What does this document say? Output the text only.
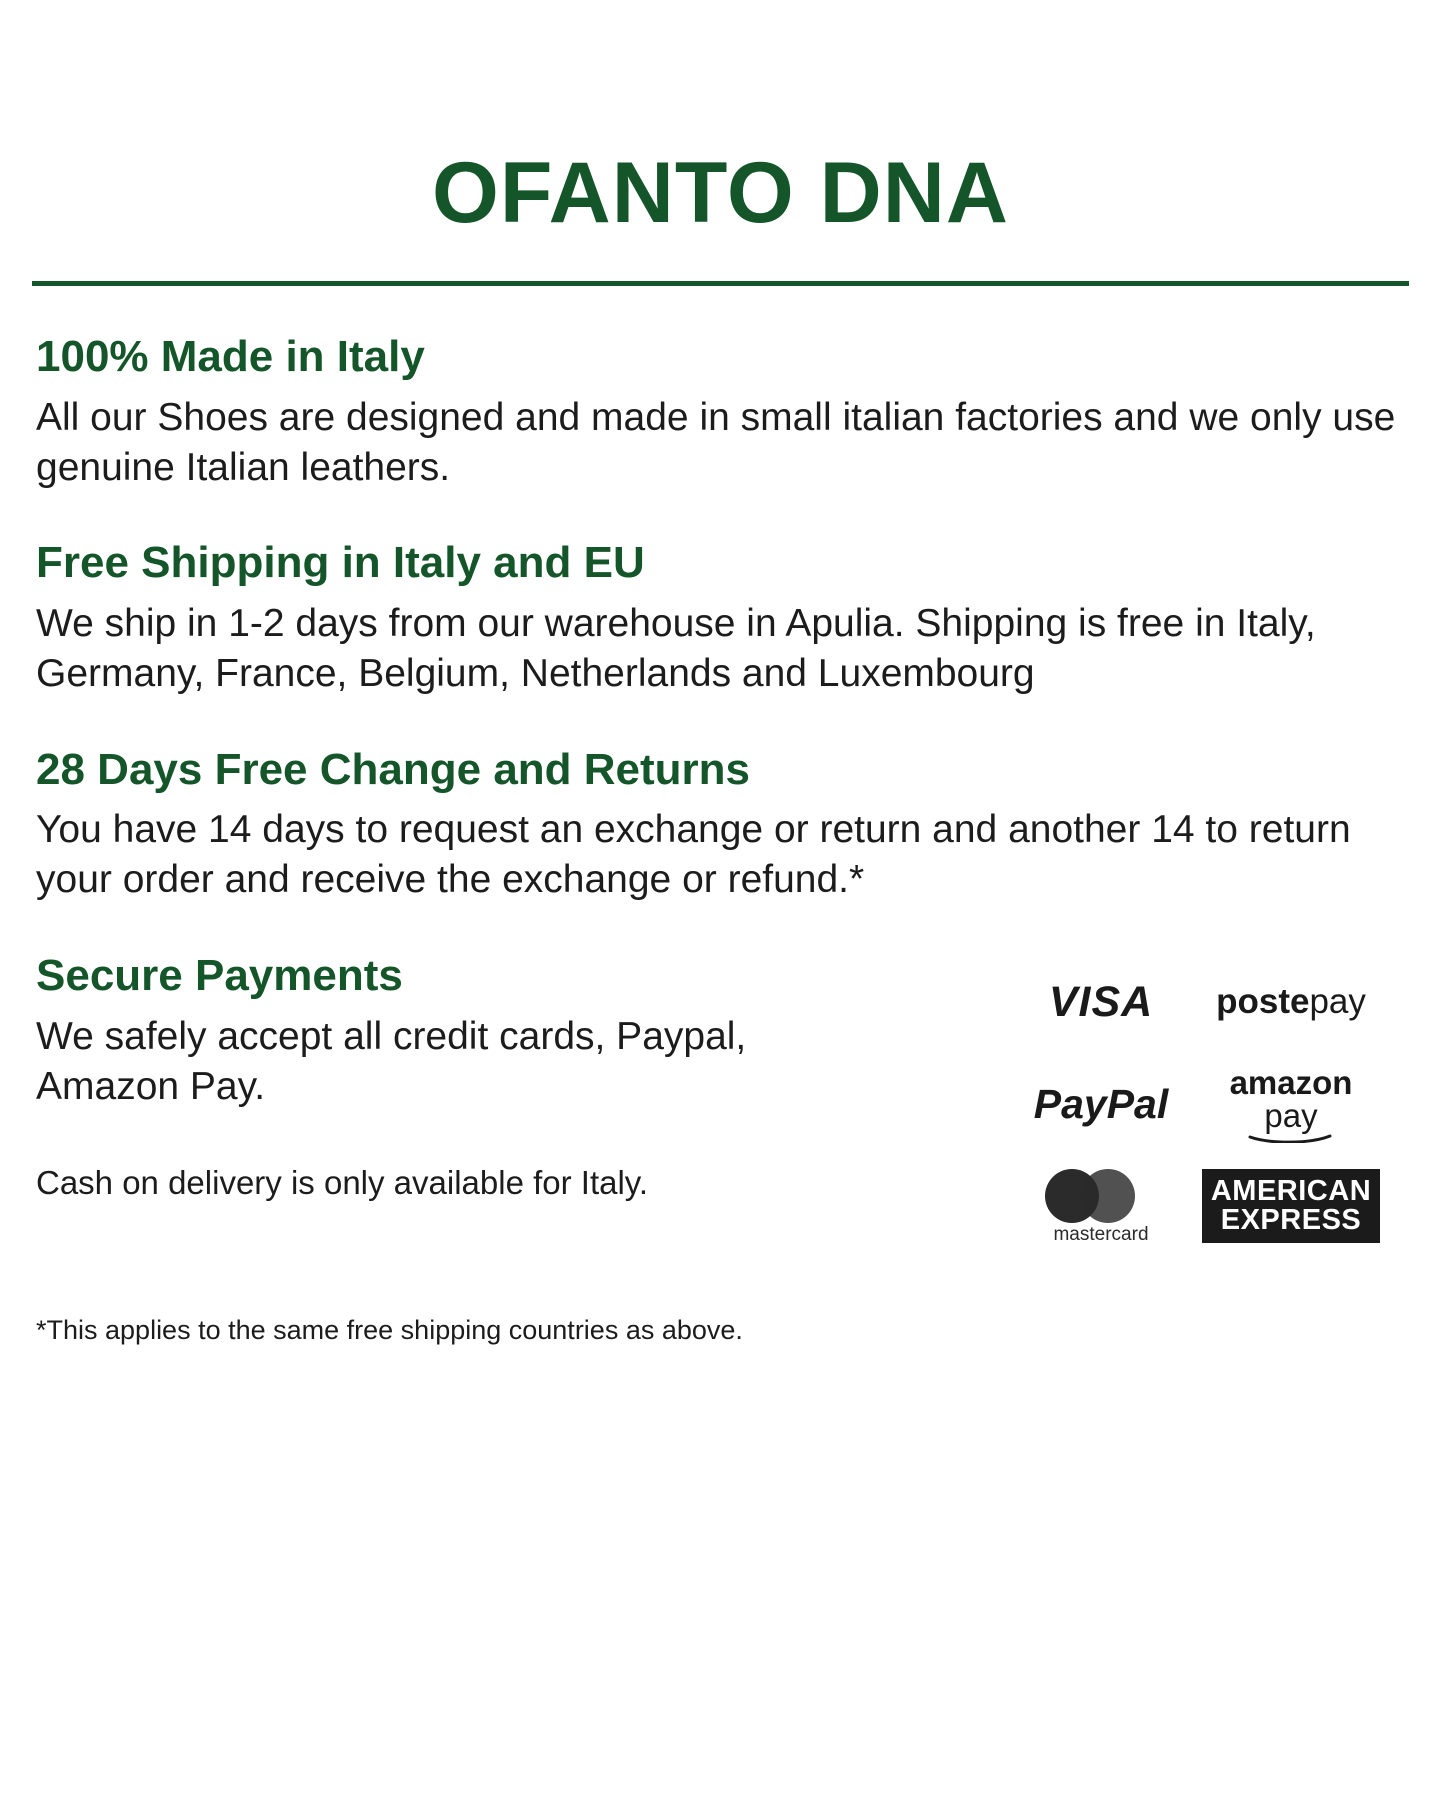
OFANTO DNA
100% Made in Italy

All our Shoes are designed and made in small italian factories and we only use genuine Italian leathers.

Free Shipping in Italy and EU

We ship in 1-2 days from our warehouse in Apulia. Shipping is free in Italy, Germany, France, Belgium, Netherlands and Luxembourg

28 Days Free Change and Returns

You have 14 days to request an exchange or return and another 14 to return your order and receive the exchange or refund.*

Secure Payments

We safely accept all credit cards, Paypal, Amazon Pay.

Cash on delivery is only available for Italy.

VISA postepay
PayPal	amazon pay
mastercard
AMERICAN
EXPRESS
*This applies to the same free shipping countries as above.
